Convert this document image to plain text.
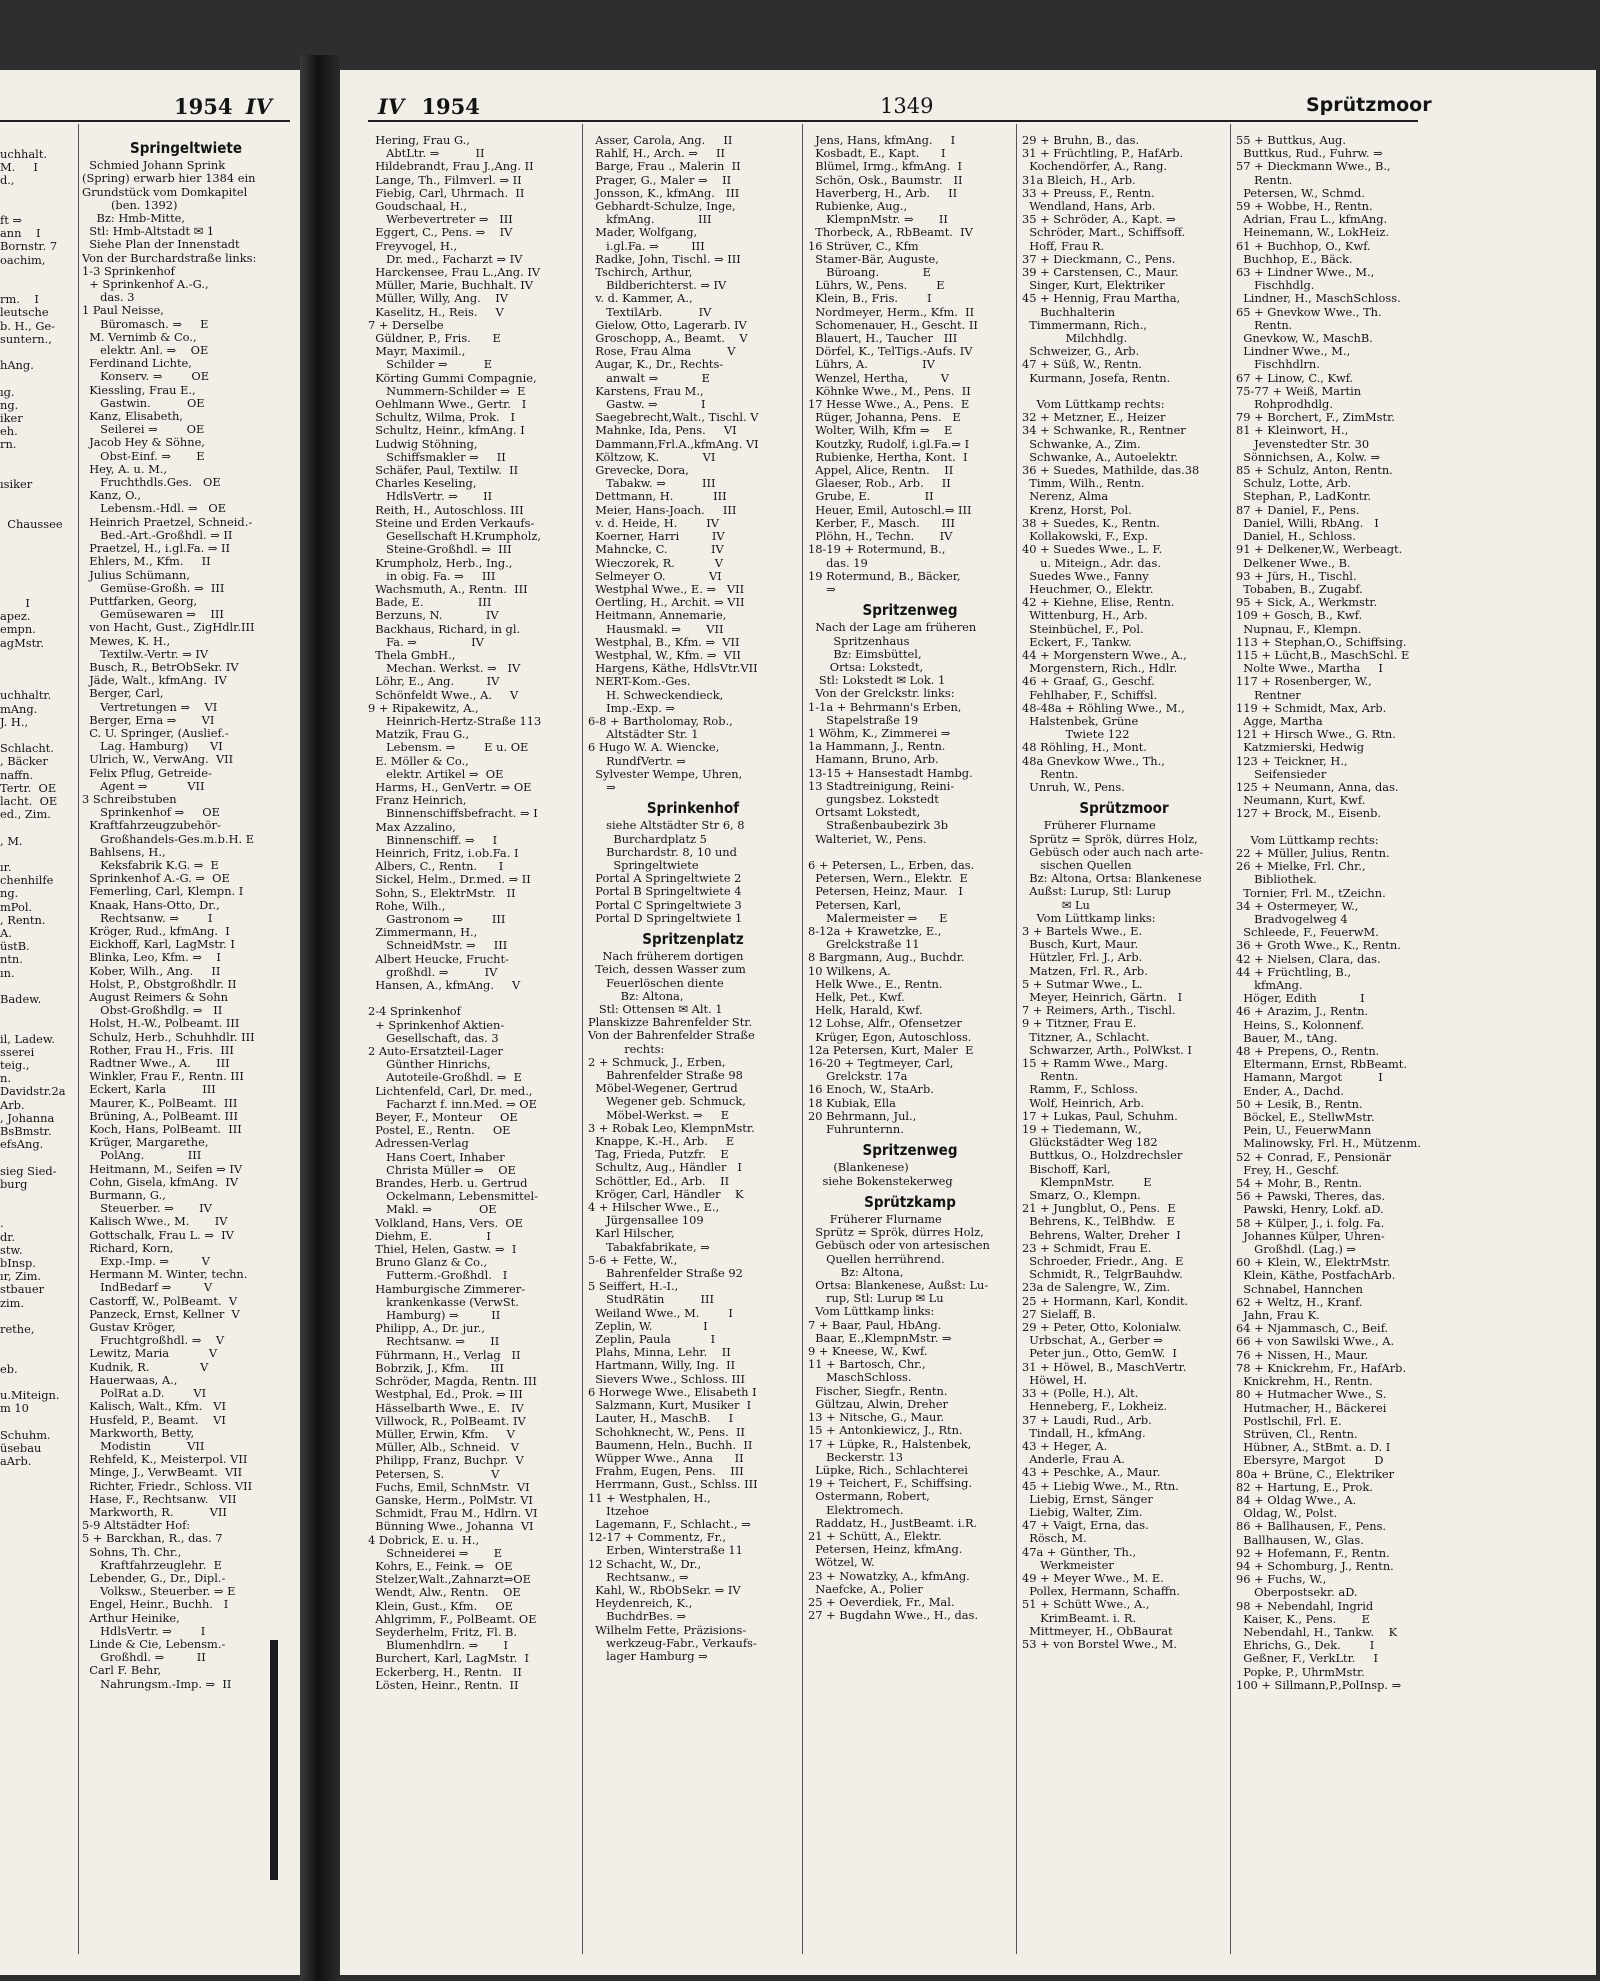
1954 IV
uchhalt.
M.     I
d.,

ft ⇒
ann    I
Bornstr. 7
oachim,

rm.    I
leutsche
b. H., Ge-
suntern.,

hAng.

ıg.
ng.
iker
eh.
rn.

ısiker

Chaussee

I
apez.
empn.
agMstr.

uchhaltr.
mAng.
J. H.,

Schlacht.
, Bäcker
naffn.
Tertr.  OE
lacht.  OE
ed., Zim.

, M.

ır.
chenhilfe
ng.
mPol.
, Rentn.
A.
üstB.
ntn.
ın.

Badew.

il, Ladew.
sserei
teig.,
n.
Davidstr.2a
Arb.
, Johanna
BsBmstr.
efsAng.

sieg Sied-
burg

.
dr.
stw.
bInsp.
ır, Zim.
stbauer
zim.

rethe,

eb.

u.Miteign.
m 10

Schuhm.
üsebau
aArb.
Springeltwiete
Schmied Johann Sprink
(Spring) erwarb hier 1384 ein
Grundstück vom Domkapitel
(ben. 1392)
Bz: Hmb-Mitte,
Stl: Hmb-Altstadt ✉ 1
Siehe Plan der Innenstadt
Von der Burchardstraße links:
1-3 Sprinkenhof
+ Sprinkenhof A.-G.,
das. 3
1 Paul Neisse,
Büromasch. ⇒     E
M. Vernimb & Co.,
elektr. Anl. ⇒    OE
Ferdinand Lichte,
Konserv. ⇒        OE
Kiessling, Frau E.,
Gastwin.          OE
Kanz, Elisabeth,
Seilerei ⇒        OE
Jacob Hey & Söhne,
Obst-Einf. ⇒       E
Hey, A. u. M.,
Fruchthdls.Ges.   OE
Kanz, O.,
Lebensm.-Hdl. ⇒   OE
Heinrich Praetzel, Schneid.-
Bed.-Art.-Großhdl. ⇒ II
Praetzel, H., i.gl.Fa. ⇒ II
Ehlers, M., Kfm.     II
Julius Schümann,
Gemüse-Großh. ⇒  III
Puttfarken, Georg,
Gemüsewaren ⇒    III
von Hacht, Gust., ZigHdlr.III
Mewes, K. H.,
Textilw.-Vertr. ⇒ IV
Busch, R., BetrObSekr. IV
Jäde, Walt., kfmAng.  IV
Berger, Carl,
Vertretungen ⇒    VI
Berger, Erna ⇒       VI
C. U. Springer, (Auslief.-
Lag. Hamburg)      VI
Ulrich, W., VerwAng.  VII
Felix Pflug, Getreide-
Agent ⇒           VII
3 Schreibstuben
Sprinkenhof ⇒     OE
Kraftfahrzeugzubehör-
Großhandels-Ges.m.b.H. E
Bahlsens, H.,
Keksfabrik K.G. ⇒  E
Sprinkenhof A.-G. ⇒  OE
Femerling, Carl, Klempn. I
Knaak, Hans-Otto, Dr.,
Rechtsanw. ⇒        I
Kröger, Rud., kfmAng.  I
Eickhoff, Karl, LagMstr. I
Blinka, Leo, Kfm. ⇒    I
Kober, Wilh., Ang.     II
Holst, P., Obstgroßhdlr. II
August Reimers & Sohn
Obst-Großhdlg. ⇒   II
Holst, H.-W., Polbeamt. III
Schulz, Herb., Schuhhdlr. III
Rother, Frau H., Fris.  III
Radtner Wwe., A.       III
Winkler, Frau F., Rentn. III
Eckert, Karla          III
Maurer, K., PolBeamt.  III
Brüning, A., PolBeamt. III
Koch, Hans, PolBeamt.  III
Krüger, Margarethe,
PolAng.            III
Heitmann, M., Seifen ⇒ IV
Cohn, Gisela, kfmAng.  IV
Burmann, G.,
Steuerber. ⇒       IV
Kalisch Wwe., M.       IV
Gottschalk, Frau L. ⇒  IV
Richard, Korn,
Exp.-Imp. ⇒         V
Hermann M. Winter, techn.
IndBedarf ⇒         V
Castorff, W., PolBeamt.  V
Panzeck, Ernst, Kellner  V
Gustav Kröger,
Fruchtgroßhdl. ⇒    V
Lewitz, Maria           V
Kudnik, R.              V
Hauerwaas, A.,
PolRat a.D.        VI
Kalisch, Walt., Kfm.   VI
Husfeld, P., Beamt.    VI
Markworth, Betty,
Modistin          VII
Rehfeld, K., Meisterpol. VII
Minge, J., VerwBeamt.  VII
Richter, Friedr., Schloss. VII
Hase, F., Rechtsanw.   VII
Markworth, R.          VII
5-9 Altstädter Hof:
5 + Barckhan, R., das. 7
Sohns, Th. Chr.,
Kraftfahrzeuglehr.  E
Lebender, G., Dr., Dipl.-
Volksw., Steuerber. ⇒ E
Engel, Heinr., Buchh.   I
Arthur Heinike,
HdlsVertr. ⇒        I
Linde & Cie, Lebensm.-
Großhdl. ⇒         II
Carl F. Behr,
Nahrungsm.-Imp. ⇒  II
IV 1954	1349	Sprützmoor
Hering, Frau G.,
AbtLtr. ⇒          II
Hildebrandt, Frau J.,Ang. II
Lange, Th., Filmverl. ⇒ II
Fiebig, Carl, Uhrmach.  II
Goudschaal, H.,
Werbevertreter ⇒   III
Eggert, C., Pens. ⇒    IV
Freyvogel, H.,
Dr. med., Facharzt ⇒ IV
Harckensee, Frau L.,Ang. IV
Müller, Marie, Buchhalt. IV
Müller, Willy, Ang.    IV
Kaselitz, H., Reis.     V
7 + Derselbe
Güldner, P., Fris.      E
Mayr, Maximil.,
Schilder ⇒          E
Körting Gummi Compagnie,
Nummern-Schilder ⇒  E
Oehlmann Wwe., Gertr.   I
Schultz, Wilma, Prok.   I
Schultz, Heinr., kfmAng. I
Ludwig Stöhning,
Schiffsmakler ⇒     II
Schäfer, Paul, Textilw.  II
Charles Keseling,
HdlsVertr. ⇒       II
Reith, H., Autoschloss. III
Steine und Erden Verkaufs-
Gesellschaft H.Krumpholz,
Steine-Großhdl. ⇒  III
Krumpholz, Herb., Ing.,
in obig. Fa. ⇒     III
Wachsmuth, A., Rentn.  III
Bade, E.               III
Berzuns, N.            IV
Backhaus, Richard, in gl.
Fa. ⇒               IV
Thela GmbH.,
Mechan. Werkst. ⇒   IV
Löhr, E., Ang.         IV
Schönfeldt Wwe., A.     V
9 + Ripakewitz, A.,
Heinrich-Hertz-Straße 113
Matzik, Frau G.,
Lebensm. ⇒        E u. OE
E. Möller & Co.,
elektr. Artikel ⇒  OE
Harms, H., GenVertr. ⇒ OE
Franz Heinrich,
Binnenschiffsbefracht. ⇒ I
Max Azzalino,
Binnenschiff. ⇒     I
Heinrich, Fritz, i.ob.Fa. I
Albers, C., Rentn.      I
Sickel, Helm., Dr.med. ⇒ II
Sohn, S., ElektrMstr.   II
Rohe, Wilh.,
Gastronom ⇒        III
Zimmermann, H.,
SchneidMstr. ⇒     III
Albert Heucke, Frucht-
großhdl. ⇒          IV
Hansen, A., kfmAng.     V

2-4 Sprinkenhof
+ Sprinkenhof Aktien-
Gesellschaft, das. 3
2 Auto-Ersatzteil-Lager
Günther Hinrichs,
Autoteile-Großhdl. ⇒  E
Lichtenfeld, Carl, Dr. med.,
Facharzt f. inn.Med. ⇒ OE
Beyer, F., Monteur     OE
Postel, E., Rentn.     OE
Adressen-Verlag
Hans Coert, Inhaber
Christa Müller ⇒    OE
Brandes, Herb. u. Gertrud
Ockelmann, Lebensmittel-
Makl. ⇒             OE
Volkland, Hans, Vers.  OE
Diehm, E.               I
Thiel, Helen, Gastw. ⇒  I
Bruno Glanz & Co.,
Futterm.-Großhdl.   I
Hamburgische Zimmerer-
krankenkasse (VerwSt.
Hamburg) ⇒         II
Philipp, A., Dr. jur.,
Rechtsanw. ⇒       II
Führmann, H., Verlag   II
Bobrzik, J., Kfm.      III
Schröder, Magda, Rentn. III
Westphal, Ed., Prok. ⇒ III
Hässelbarth Wwe., E.   IV
Villwock, R., PolBeamt. IV
Müller, Erwin, Kfm.     V
Müller, Alb., Schneid.   V
Philipp, Franz, Buchpr.  V
Petersen, S.             V
Fuchs, Emil, SchnMstr.  VI
Ganske, Herm., PolMstr. VI
Schmidt, Frau M., Hdlrn. VI
Bünning Wwe., Johanna  VI
4 Dobrick, E. u. H.,
Schneiderei ⇒       E
Kohrs, E., Feink. ⇒   OE
Stelzer,Walt.,Zahnarzt⇒OE
Wendt, Alw., Rentn.    OE
Klein, Gust., Kfm.     OE
Ahlgrimm, F., PolBeamt. OE
Seyderhelm, Fritz, Fl. B.
Blumenhdlrn. ⇒       I
Burchert, Karl, LagMstr.  I
Eckerberg, H., Rentn.   II
Lösten, Heinr., Rentn.  II
Asser, Carola, Ang.     II
Rahlf, H., Arch. ⇒     II
Barge, Frau ., Malerin  II
Prager, G., Maler ⇒    II
Jonsson, K., kfmAng.   III
Gebhardt-Schulze, Inge,
kfmAng.            III
Mader, Wolfgang,
i.gl.Fa. ⇒         III
Radke, John, Tischl. ⇒ III
Tschirch, Arthur,
Bildberichterst. ⇒ IV
v. d. Kammer, A.,
TextilArb.          IV
Gielow, Otto, Lagerarb. IV
Groschopp, A., Beamt.    V
Rose, Frau Alma          V
Augar, K., Dr., Rechts-
anwalt ⇒            E
Karstens, Frau M.,
Gastw. ⇒            I
Saegebrecht,Walt., Tischl. V
Mahnke, Ida, Pens.     VI
Dammann,Frl.A.,kfmAng. VI
Költzow, K.            VI
Grevecke, Dora,
Tabakw. ⇒          III
Dettmann, H.           III
Meier, Hans-Joach.     III
v. d. Heide, H.        IV
Koerner, Harri         IV
Mahncke, C.            IV
Wieczorek, R.           V
Selmeyer O.            VI
Westphal Wwe., E. ⇒   VII
Oertling, H., Archit. ⇒ VII
Heitmann, Annemarie,
Hausmakl. ⇒       VII
Westphal, B., Kfm. ⇒  VII
Westphal, W., Kfm. ⇒  VII
Hargens, Käthe, HdlsVtr.VII
NERT-Kom.-Ges.
H. Schweckendieck,
Imp.-Exp. ⇒
6-8 + Bartholomay, Rob.,
Altstädter Str. 1
6 Hugo W. A. Wiencke,
RundfVertr. ⇒
Sylvester Wempe, Uhren,
⇒
Sprinkenhof
siehe Altstädter Str 6, 8
Burchardplatz 5
Burchardstr. 8, 10 und
Springeltwiete
Portal A Springeltwiete 2
Portal B Springeltwiete 4
Portal C Springeltwiete 3
Portal D Springeltwiete 1
Spritzenplatz
Nach früherem dortigen
Teich, dessen Wasser zum
Feuerlöschen diente
Bz: Altona,
Stl: Ottensen ✉ Alt. 1
Planskizze Bahrenfelder Str.
Von der Bahrenfelder Straße
rechts:
2 + Schmuck, J., Erben,
Bahrenfelder Straße 98
Möbel-Wegener, Gertrud
Wegener geb. Schmuck,
Möbel-Werkst. ⇒     E
3 + Robak Leo, KlempnMstr.
Knappe, K.-H., Arb.     E
Tag, Frieda, Putzfr.    E
Schultz, Aug., Händler   I
Schöttler, Ed., Arb.    II
Kröger, Carl, Händler    K
4 + Hilscher Wwe., E.,
Jürgensallee 109
Karl Hilscher,
Tabakfabrikate, ⇒
5-6 + Fette, W.,
Bahrenfelder Straße 92
5 Seiffert, H.-I.,
StudRätin          III
Weiland Wwe., M.        I
Zeplin, W.              I
Zeplin, Paula           I
Plahs, Minna, Lehr.    II
Hartmann, Willy, Ing.  II
Sievers Wwe., Schloss. III
6 Horwege Wwe., Elisabeth I
Salzmann, Kurt, Musiker  I
Lauter, H., MaschB.     I
Schohknecht, W., Pens.  II
Baumenn, Heln., Buchh.  II
Wüpper Wwe., Anna      II
Frahm, Eugen, Pens.    III
Herrmann, Gust., Schlss. III
11 + Westphalen, H.,
Itzehoe
Lagemann, F., Schlacht., ⇒
12-17 + Commentz, Fr.,
Erben, Winterstraße 11
12 Schacht, W., Dr.,
Rechtsanw., ⇒
Kahl, W., RbObSekr. ⇒ IV
Heydenreich, K.,
BuchdrBes. ⇒
Wilhelm Fette, Präzisions-
werkzeug-Fabr., Verkaufs-
lager Hamburg ⇒
Jens, Hans, kfmAng.     I
Kosbadt, E., Kapt.      I
Blümel, Irmg., kfmAng.  I
Schön, Osk., Baumstr.   II
Haverberg, H., Arb.     II
Rubienke, Aug.,
KlempnMstr. ⇒       II
Thorbeck, A., RbBeamt.  IV
16 Strüver, C., Kfm
Stamer-Bär, Auguste,
Büroang.            E
Lührs, W., Pens.        E
Klein, B., Fris.        I
Nordmeyer, Herm., Kfm.  II
Schomenauer, H., Gescht. II
Blauert, H., Taucher   III
Dörfel, K., TelTigs.-Aufs. IV
Lührs, A.               IV
Wenzel, Hertha,         V
Köhnke Wwe., M., Pens.  II
17 Hesse Wwe., A., Pens.  E
Rüger, Johanna, Pens.   E
Wolter, Wilh, Kfm ⇒    E
Koutzky, Rudolf, i.gl.Fa.⇒ I
Rubienke, Hertha, Kont.  I
Appel, Alice, Rentn.    II
Glaeser, Rob., Arb.     II
Grube, E.               II
Heuer, Emil, Autoschl.⇒ III
Kerber, F., Masch.      III
Plöhn, H., Techn.       IV
18-19 + Rotermund, B.,
das. 19
19 Rotermund, B., Bäcker,
⇒
Spritzenweg
Nach der Lage am früheren
Spritzenhaus
Bz: Eimsbüttel,
Ortsa: Lokstedt,
Stl: Lokstedt ✉ Lok. 1
Von der Grelckstr. links:
1-1a + Behrmann's Erben,
Stapelstraße 19
1 Wöhm, K., Zimmerei ⇒
1a Hammann, J., Rentn.
Hamann, Bruno, Arb.
13-15 + Hansestadt Hambg.
13 Stadtreinigung, Reini-
gungsbez. Lokstedt
Ortsamt Lokstedt,
Straßenbaubezirk 3b
Walteriet, W., Pens.

6 + Petersen, L., Erben, das.
Petersen, Wern., Elektr.  E
Petersen, Heinz, Maur.   I
Petersen, Karl,
Malermeister ⇒      E
8-12a + Krawetzke, E.,
Grelckstraße 11
8 Bargmann, Aug., Buchdr.
10 Wilkens, A.
Helk Wwe., E., Rentn.
Helk, Pet., Kwf.
Helk, Harald, Kwf.
12 Lohse, Alfr., Ofensetzer
Krüger, Egon, Autoschloss.
12a Petersen, Kurt, Maler  E
16-20 + Tegtmeyer, Carl,
Grelckstr. 17a
16 Enoch, W., StaArb.
18 Kubiak, Ella
20 Behrmann, Jul.,
Fuhrunternn.
Spritzenweg
(Blankenese)
siehe Bokenstekerweg
Sprützkamp
Früherer Flurname
Sprütz = Sprök, dürres Holz,
Gebüsch oder von artesischen
Quellen herrührend.
Bz: Altona,
Ortsa: Blankenese, Außst: Lu-
rup, Stl: Lurup ✉ Lu
Vom Lüttkamp links:
7 + Baar, Paul, HbAng.
Baar, E.,KlempnMstr. ⇒
9 + Kneese, W., Kwf.
11 + Bartosch, Chr.,
MaschSchloss.
Fischer, Siegfr., Rentn.
Gültzau, Alwin, Dreher
13 + Nitsche, G., Maur.
15 + Antonkiewicz, J., Rtn.
17 + Lüpke, R., Halstenbek,
Beckerstr. 13
Lüpke, Rich., Schlachterei
19 + Teichert, F., Schiffsing.
Ostermann, Robert,
Elektromech.
Raddatz, H., JustBeamt. i.R.
21 + Schütt, A., Elektr.
Petersen, Heinz, kfmAng.
Wötzel, W.
23 + Nowatzky, A., kfmAng.
Naefcke, A., Polier
25 + Oeverdiek, Fr., Mal.
27 + Bugdahn Wwe., H., das.
29 + Bruhn, B., das.
31 + Früchtling, P., HafArb.
Kochendörfer, A., Rang.
31a Bleich, H., Arb.
33 + Preuss, F., Rentn.
Wendland, Hans, Arb.
35 + Schröder, A., Kapt. ⇒
Schröder, Mart., Schiffsoff.
Hoff, Frau R.
37 + Dieckmann, C., Pens.
39 + Carstensen, C., Maur.
Singer, Kurt, Elektriker
45 + Hennig, Frau Martha,
Buchhalterin
Timmermann, Rich.,
Milchhdlg.
Schweizer, G., Arb.
47 + Süß, W., Rentn.
Kurmann, Josefa, Rentn.

Vom Lüttkamp rechts:
32 + Metzner, E., Heizer
34 + Schwanke, R., Rentner
Schwanke, A., Zim.
Schwanke, A., Autoelektr.
36 + Suedes, Mathilde, das.38
Timm, Wilh., Rentn.
Nerenz, Alma
Krenz, Horst, Pol.
38 + Suedes, K., Rentn.
Kollakowski, F., Exp.
40 + Suedes Wwe., L. F.
u. Miteign., Adr. das.
Suedes Wwe., Fanny
Heuchmer, O., Elektr.
42 + Kiehne, Elise, Rentn.
Wittenburg, H., Arb.
Steinbüchel, F., Pol.
Eckert, F., Tankw.
44 + Morgenstern Wwe., A.,
Morgenstern, Rich., Hdlr.
46 + Graaf, G., Geschf.
Fehlhaber, F., Schiffsl.
48-48a + Röhling Wwe., M.,
Halstenbek, Grüne
Twiete 122
48 Röhling, H., Mont.
48a Gnevkow Wwe., Th.,
Rentn.
Unruh, W., Pens.
Sprützmoor
Früherer Flurname
Sprütz = Sprök, dürres Holz,
Gebüsch oder auch nach arte-
sischen Quellen
Bz: Altona, Ortsa: Blankenese
Außst: Lurup, Stl: Lurup
✉ Lu
Vom Lüttkamp links:
3 + Bartels Wwe., E.
Busch, Kurt, Maur.
Hützler, Frl. J., Arb.
Matzen, Frl. R., Arb.
5 + Sutmar Wwe., L.
Meyer, Heinrich, Gärtn.   I
7 + Reimers, Arth., Tischl.
9 + Titzner, Frau E.
Titzner, A., Schlacht.
Schwarzer, Arth., PolWkst. I
15 + Ramm Wwe., Marg.
Rentn.
Ramm, F., Schloss.
Wolf, Heinrich, Arb.
17 + Lukas, Paul, Schuhm.
19 + Tiedemann, W.,
Glückstädter Weg 182
Buttkus, O., Holzdrechsler
Bischoff, Karl,
KlempnMstr.        E
Smarz, O., Klempn.
21 + Jungblut, O., Pens.  E
Behrens, K., TelBhdw.   E
Behrens, Walter, Dreher  I
23 + Schmidt, Frau E.
Schroeder, Friedr., Ang.  E
Schmidt, R., TelgrBauhdw.
23a de Salengre, W., Zim.
25 + Hormann, Karl, Kondit.
27 Sielaff, B.
29 + Peter, Otto, Kolonialw.
Urbschat, A., Gerber ⇒
Peter jun., Otto, GemW.  I
31 + Höwel, B., MaschVertr.
Höwel, H.
33 + (Polle, H.), Alt.
Henneberg, F., Lokheiz.
37 + Laudi, Rud., Arb.
Tindall, H., kfmAng.
43 + Heger, A.
Anderle, Frau A.
43 + Peschke, A., Maur.
45 + Liebig Wwe., M., Rtn.
Liebig, Ernst, Sänger
Liebig, Walter, Zim.
47 + Vaigt, Erna, das.
Rösch, M.
47a + Günther, Th.,
Werkmeister
49 + Meyer Wwe., M. E.
Pollex, Hermann, Schaffn.
51 + Schütt Wwe., A.,
KrimBeamt. i. R.
Mittmeyer, H., ObBaurat
53 + von Borstel Wwe., M.
55 + Buttkus, Aug.
Buttkus, Rud., Fuhrw. ⇒
57 + Dieckmann Wwe., B.,
Rentn.
Petersen, W., Schmd.
59 + Wobbe, H., Rentn.
Adrian, Frau L., kfmAng.
Heinemann, W., LokHeiz.
61 + Buchhop, O., Kwf.
Buchhop, E., Bäck.
63 + Lindner Wwe., M.,
Fischhdlg.
Lindner, H., MaschSchloss.
65 + Gnevkow Wwe., Th.
Rentn.
Gnevkow, W., MaschB.
Lindner Wwe., M.,
Fischhdlrn.
67 + Linow, C., Kwf.
75-77 + Weiß, Martin
Rohprodhdlg.
79 + Borchert, F., ZimMstr.
81 + Kleinwort, H.,
Jevenstedter Str. 30
Sönnichsen, A., Kolw. ⇒
85 + Schulz, Anton, Rentn.
Schulz, Lotte, Arb.
Stephan, P., LadKontr.
87 + Daniel, F., Pens.
Daniel, Willi, RbAng.   I
Daniel, H., Schloss.
91 + Delkener,W., Werbeagt.
Delkener Wwe., B.
93 + Jürs, H., Tischl.
Tobaben, B., Zugabf.
95 + Sick, A., Werkmstr.
109 + Gosch, B., Kwf.
Nupnau, F., Klempn.
113 + Stephan,O., Schiffsing.
115 + Lücht,B., MaschSchl. E
Nolte Wwe., Martha     I
117 + Rosenberger, W.,
Rentner
119 + Schmidt, Max, Arb.
Agge, Martha
121 + Hirsch Wwe., G. Rtn.
Katzmierski, Hedwig
123 + Teickner, H.,
Seifensieder
125 + Neumann, Anna, das.
Neumann, Kurt, Kwf.
127 + Brock, M., Eisenb.

Vom Lüttkamp rechts:
22 + Müller, Julius, Rentn.
26 + Mielke, Frl. Chr.,
Bibliothek.
Tornier, Frl. M., tZeichn.
34 + Ostermeyer, W.,
Bradvogelweg 4
Schleede, F., FeuerwM.
36 + Groth Wwe., K., Rentn.
42 + Nielsen, Clara, das.
44 + Früchtling, B.,
kfmAng.
Höger, Edith            I
46 + Arazim, J., Rentn.
Heins, S., Kolonnenf.
Bauer, M., tAng.
48 + Prepens, O., Rentn.
Eltermann, Ernst, RbBeamt.
Hamann, Margot          I
Ender, A., Dachd.
50 + Lesik, B., Rentn.
Böckel, E., StellwMstr.
Pein, U., FeuerwMann
Malinowsky, Frl. H., Mützenm.
52 + Conrad, F., Pensionär
Frey, H., Geschf.
54 + Mohr, B., Rentn.
56 + Pawski, Theres, das.
Pawski, Henry, Lokf. aD.
58 + Külper, J., i. folg. Fa.
Johannes Külper, Uhren-
Großhdl. (Lag.) ⇒
60 + Klein, W., ElektrMstr.
Klein, Käthe, PostfachArb.
Schnabel, Hannchen
62 + Weltz, H., Kranf.
Jahn, Frau K.
64 + Njammasch, C., Beif.
66 + von Sawilski Wwe., A.
76 + Nissen, H., Maur.
78 + Knickrehm, Fr., HafArb.
Knickrehm, H., Rentn.
80 + Hutmacher Wwe., S.
Hutmacher, H., Bäckerei
Postlschil, Frl. E.
Strüven, Cl., Rentn.
Hübner, A., StBmt. a. D. I
Ebersyre, Margot        D
80a + Brüne, C., Elektriker
82 + Hartung, E., Prok.
84 + Oldag Wwe., A.
Oldag, W., Polst.
86 + Ballhausen, F., Pens.
Ballhausen, W., Glas.
92 + Hofemann, F., Rentn.
94 + Schomburg, J., Rentn.
96 + Fuchs, W.,
Oberpostsekr. aD.
98 + Nebendahl, Ingrid
Kaiser, K., Pens.       E
Nebendahl, H., Tankw.    K
Ehrichs, G., Dek.        I
Geßner, F., VerkLtr.     I
Popke, P., UhrmMstr.
100 + Sillmann,P.,PolInsp. ⇒
